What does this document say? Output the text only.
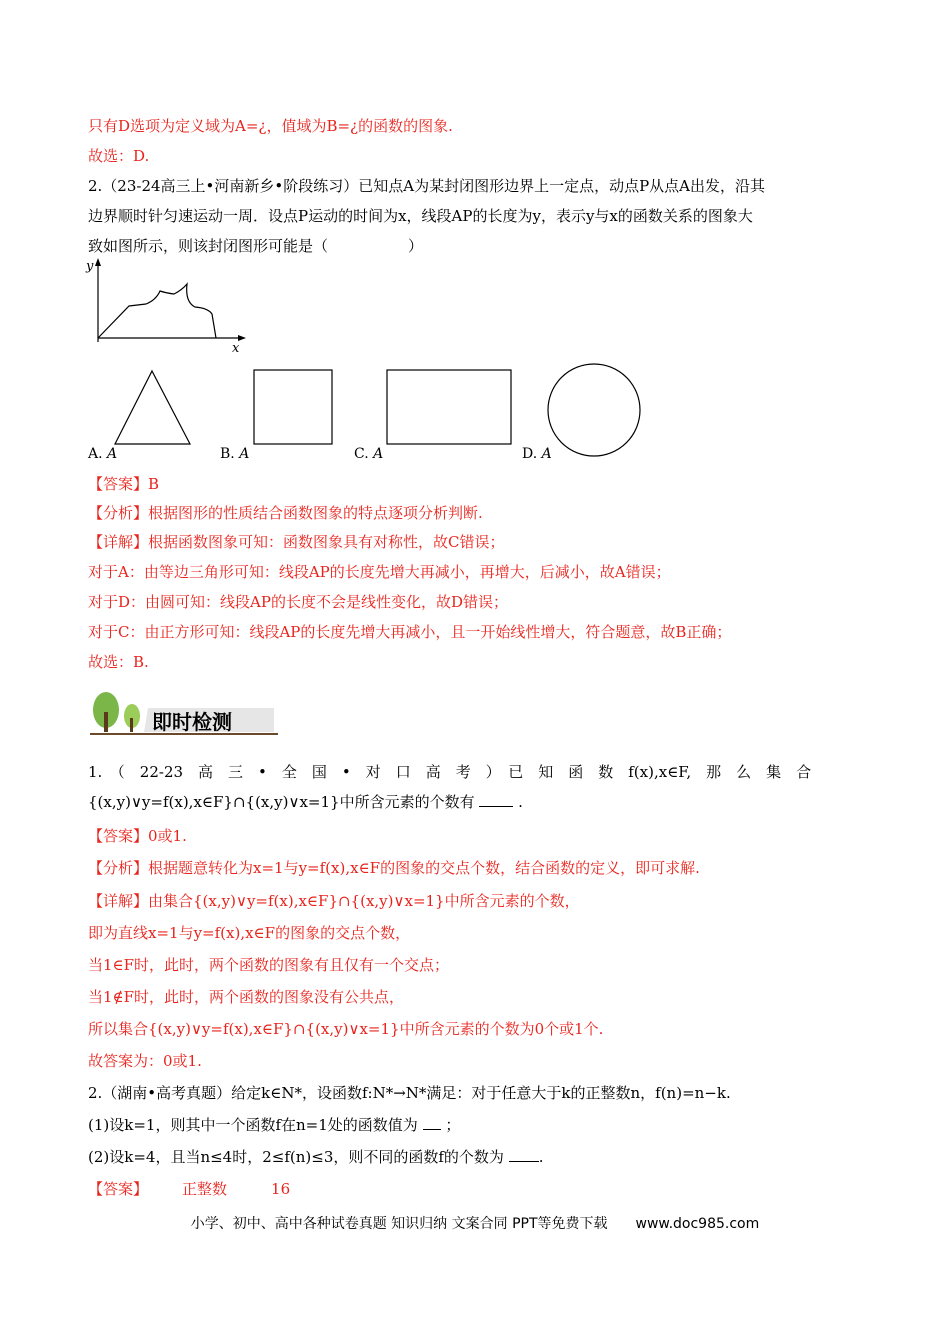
只有D选项为定义域为A=¿，值域为B=¿的函数的图象.
故选：D.
2.（23-24高三上•河南新乡•阶段练习）已知点A为某封闭图形边界上一定点，动点P从点A出发，沿其
边界顺时针匀速运动一周．设点P运动的时间为x，线段AP的长度为y，表示y与x的函数关系的图象大
致如图所示，则该封闭图形可能是（	）
y
x
A. A	B. A	C. A	D. A
【答案】B
【分析】根据图形的性质结合函数图象的特点逐项分析判断.
【详解】根据函数图象可知：函数图象具有对称性，故C错误；
对于A：由等边三角形可知：线段AP的长度先增大再减小，再增大，后减小，故A错误；
对于D：由圆可知：线段AP的长度不会是线性变化，故D错误；
对于C：由正方形可知：线段AP的长度先增大再减小，且一开始线性增大，符合题意，故B正确；
故选：B.
即时检测
1.　（　22-23　高　三　•　全　国　•　对　口　高　考　）　已　知　函　数　f(x),x∈F,　那　么　集　合
{(x,y)∨y=f(x),x∈F}∩{(x,y)∨x=1}中所含元素的个数有	.
【答案】0或1.
【分析】根据题意转化为x=1与y=f(x),x∈F的图象的交点个数，结合函数的定义，即可求解.
【详解】由集合{(x,y)∨y=f(x),x∈F}∩{(x,y)∨x=1}中所含元素的个数，
即为直线x=1与y=f(x),x∈F的图象的交点个数，
当1∈F时，此时，两个函数的图象有且仅有一个交点；
当1∉F时，此时，两个函数的图象没有公共点，
所以集合{(x,y)∨y=f(x),x∈F}∩{(x,y)∨x=1}中所含元素的个数为0个或1个.
故答案为：0或1.
2.（湖南•高考真题）给定k∈N*，设函数f:N*→N*满足：对于任意大于k的正整数n，f(n)=n−k.
(1)设k=1，则其中一个函数f在n=1处的函数值为 ；
(2)设k=4，且当n≤4时，2≤f(n)≤3，则不同的函数f的个数为 .
【答案】 正整数	16
小学、初中、高中各种试卷真题 知识归纳 文案合同 PPT等免费下载　　www.doc985.com
